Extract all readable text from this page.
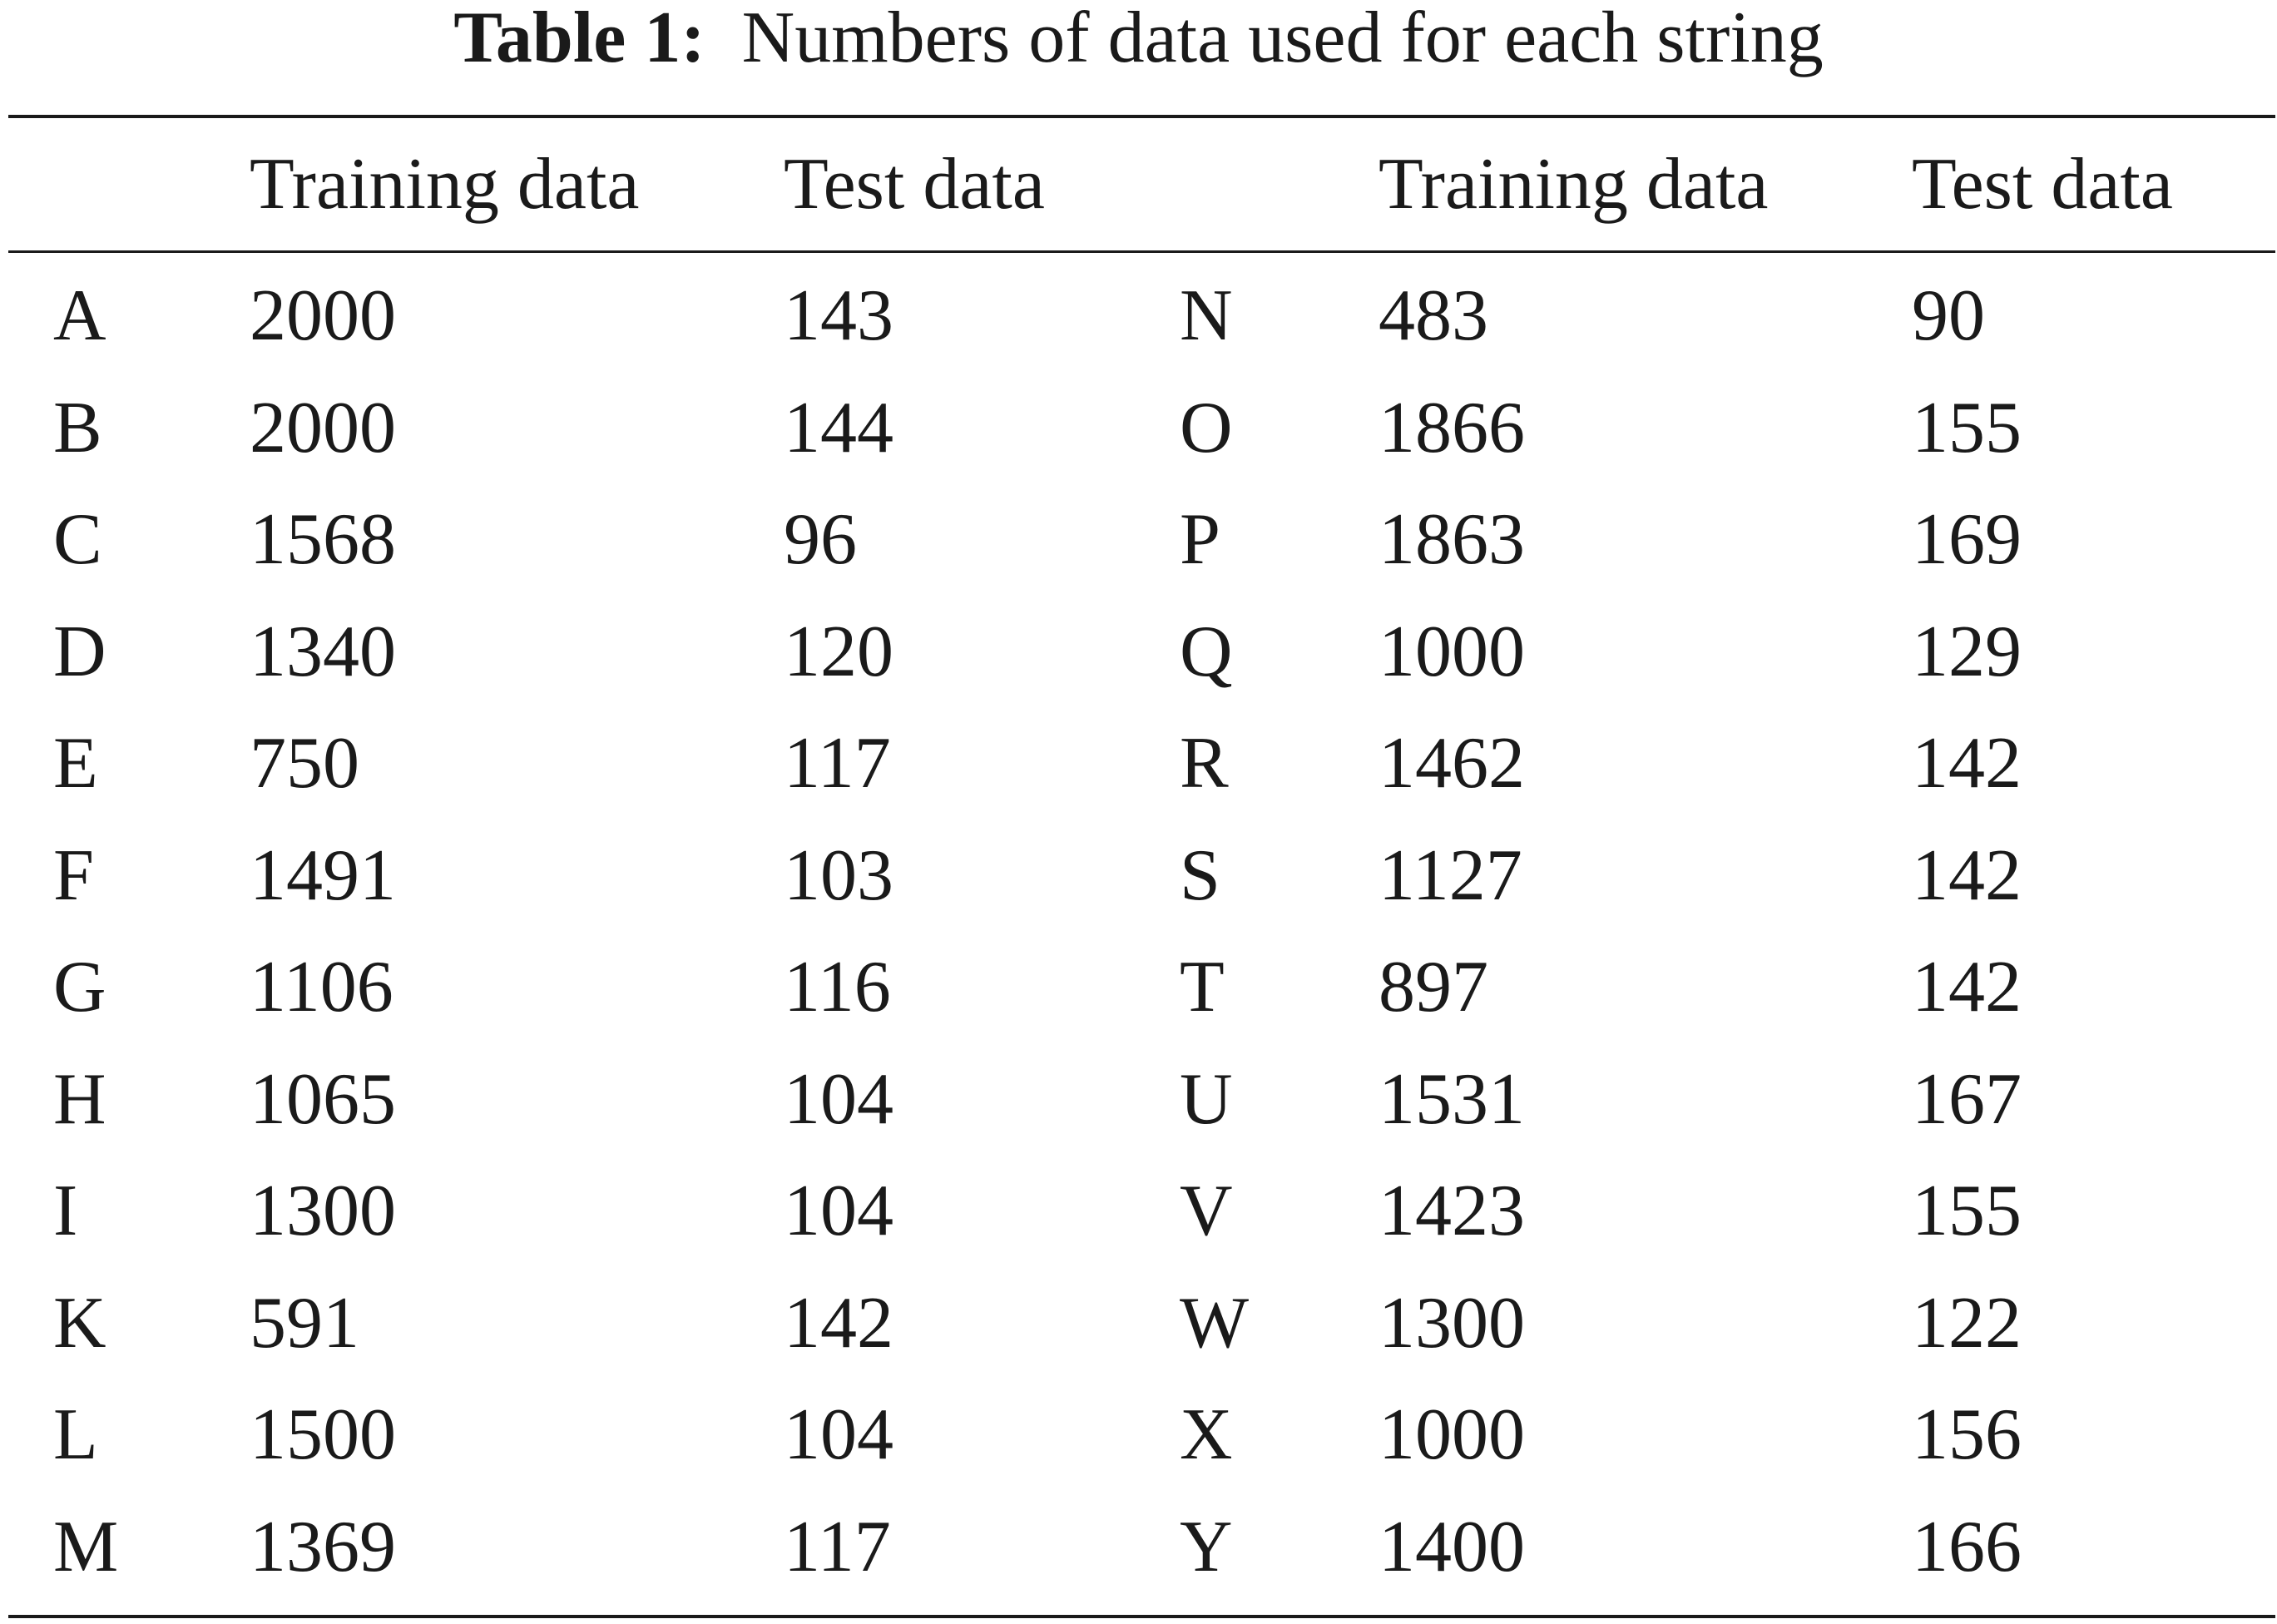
Table 1: Numbers of data used for each string
Training data Test data	Training data Test data
A 2000	143	N 483	90
B 2000	144	O 1866	155
C 1568	96	P 1863	169
D 1340	120	Q 1000	129
E 750	117	R 1462	142
F 1491	103	S 1127	142
G 1106	116	T 897	142
H 1065	104	U 1531	167
I 1300	104	V 1423	155
K 591	142	W 1300	122
L 1500	104	X 1000	156
M 1369	117	Y 1400	166
